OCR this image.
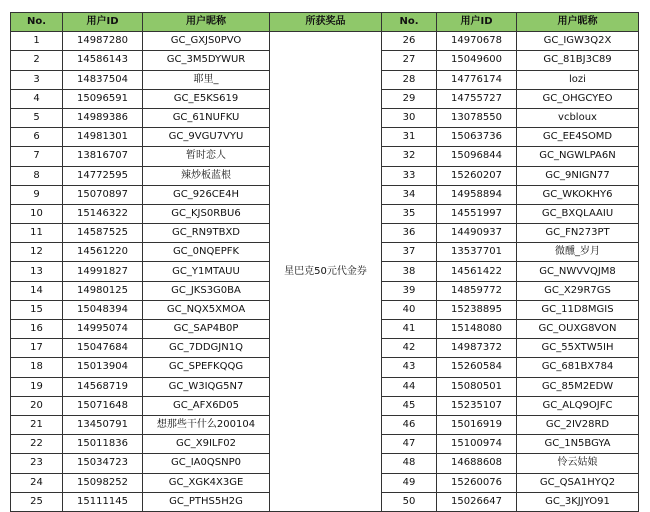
No.	用户ID	用户昵称	所获奖品	No.	用户ID	用户昵称
1	14987280	GC_GXJS0PVO	星巴克50元代金券	26	14970678	GC_IGW3Q2X
2	14586143	GC_3M5DYWUR		27	15049600	GC_81BJ3C89
3	14837504	耶里_		28	14776174	lozi
4	15096591	GC_E5KS619		29	14755727	GC_OHGCYEO
5	14989386	GC_61NUFKU		30	13078550	vcbloux
6	14981301	GC_9VGU7VYU		31	15063736	GC_EE4SOMD
7	13816707	暂时恋人		32	15096844	GC_NGWLPA6N
8	14772595	辣炒板蓝根		33	15260207	GC_9NIGN77
9	15070897	GC_926CE4H		34	14958894	GC_WKOKHY6
10	15146322	GC_KJS0RBU6		35	14551997	GC_BXQLAAIU
11	14587525	GC_RN9TBXD		36	14490937	GC_FN273PT
12	14561220	GC_0NQEPFK		37	13537701	微醺_岁月
13	14991827	GC_Y1MTAUU		38	14561422	GC_NWVVQJM8
14	14980125	GC_JKS3G0BA		39	14859772	GC_X29R7GS
15	15048394	GC_NQX5XMOA		40	15238895	GC_11D8MGIS
16	14995074	GC_SAP4B0P		41	15148080	GC_OUXG8VON
17	15047684	GC_7DDGJN1Q		42	14987372	GC_55XTW5IH
18	15013904	GC_SPEFKQQG		43	15260584	GC_681BX784
19	14568719	GC_W3IQG5N7		44	15080501	GC_85M2EDW
20	15071648	GC_AFX6D05		45	15235107	GC_ALQ9OJFC
21	13450791	想那些干什么200104		46	15016919	GC_2IV28RD
22	15011836	GC_X9ILF02		47	15100974	GC_1N5BGYA
23	15034723	GC_IA0QSNP0		48	14688608	怜云姑娘
24	15098252	GC_XGK4X3GE		49	15260076	GC_QSA1HYQ2
25	15111145	GC_PTHS5H2G		50	15026647	GC_3KJJYO91
